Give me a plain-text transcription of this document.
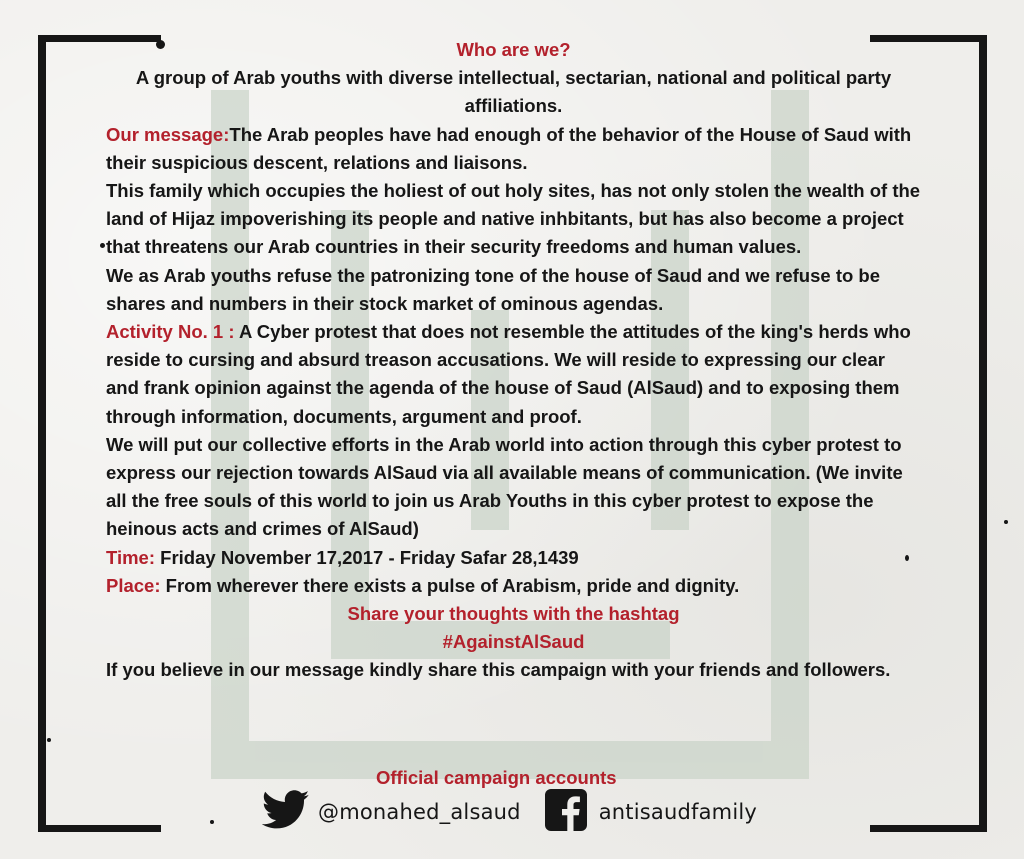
Who are we?

A group of Arab youths with diverse intellectual, sectarian, national and political party affiliations.

Our message:The Arab peoples have had enough of the behavior of the House of Saud with their suspicious descent, relations and liaisons.

This family which occupies the holiest of out holy sites, has not only stolen the wealth of the land of Hijaz impoverishing its people and native inhbitants, but has also become a project that threatens our Arab countries in their security freedoms and human values.

We as Arab youths refuse the patronizing tone of the house of Saud and we refuse to be shares and numbers in their stock market of ominous agendas.

Activity No. 1 : A Cyber protest that does not resemble the attitudes of the king's herds who reside to cursing and absurd treason accusations. We will reside to expressing our clear and frank opinion against the agenda of the house of Saud (AlSaud) and to exposing them through information, documents, argument and proof.

We will put our collective efforts in the Arab world into action through this cyber protest to express our rejection towards AlSaud via all available means of communication. (We invite all the free souls of this world to join us Arab Youths in this cyber protest to expose the heinous acts and crimes of AlSaud)

Time: Friday November 17,2017 - Friday Safar 28,1439

Place: From wherever there exists a pulse of Arabism, pride and dignity.

Share your thoughts with the hashtag

#AgainstAlSaud

If you believe in our message kindly share this campaign with your friends and followers.

Official campaign accounts
@monahed_alsaud	antisaudfamily
